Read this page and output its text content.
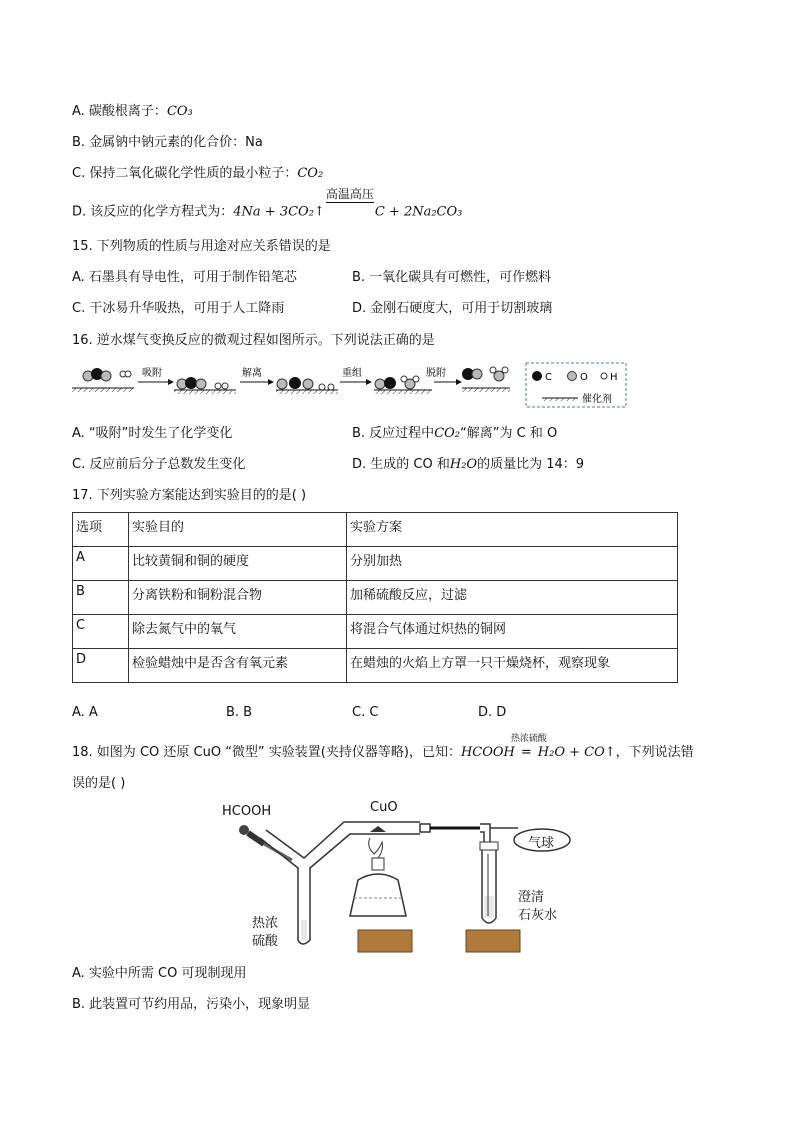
A. 碳酸根离子：CO₃
B. 金属钠中钠元素的化合价：Na
C. 保持二氧化碳化学性质的最小粒子：CO₂
D. 该反应的化学方程式为：4Na + 3CO₂↑
高温高压
C + 2Na₂CO₃
15. 下列物质的性质与用途对应关系错误的是
A. 石墨具有导电性，可用于制作铅笔芯	B. 一氧化碳具有可燃性，可作燃料
C. 干冰易升华吸热，可用于人工降雨	D. 金刚石硬度大，可用于切割玻璃
16. 逆水煤气变换反应的微观过程如图所示。下列说法正确的是
吸附	解离	重组	脱附	C	O H
催化剂
A. “吸附”时发生了化学变化	B. 反应过程中CO₂“解离”为 C 和 O
C. 反应前后分子总数发生变化	D. 生成的 CO 和H₂O的质量比为 14：9
17. 下列实验方案能达到实验目的的是( )
选项	实验目的	实验方案
A	比较黄铜和铜的硬度	分别加热
B	分离铁粉和铜粉混合物	加稀硫酸反应，过滤
C	除去氮气中的氧气	将混合气体通过炽热的铜网
D	检验蜡烛中是否含有氧元素	在蜡烛的火焰上方罩一只干燥烧杯，观察现象
A. A	B. B	C. C	D. D
18. 如图为 CO 还原 CuO “微型” 实验装置(夹持仪器等略)，已知：HCOOH
热浓硫酸
= H₂O + CO↑，下列说法错
误的是( )
HCOOH	CuO
气球
热浓
硫酸
澄清
石灰水
A. 实验中所需 CO 可现制现用
B. 此装置可节约用品，污染小，现象明显
